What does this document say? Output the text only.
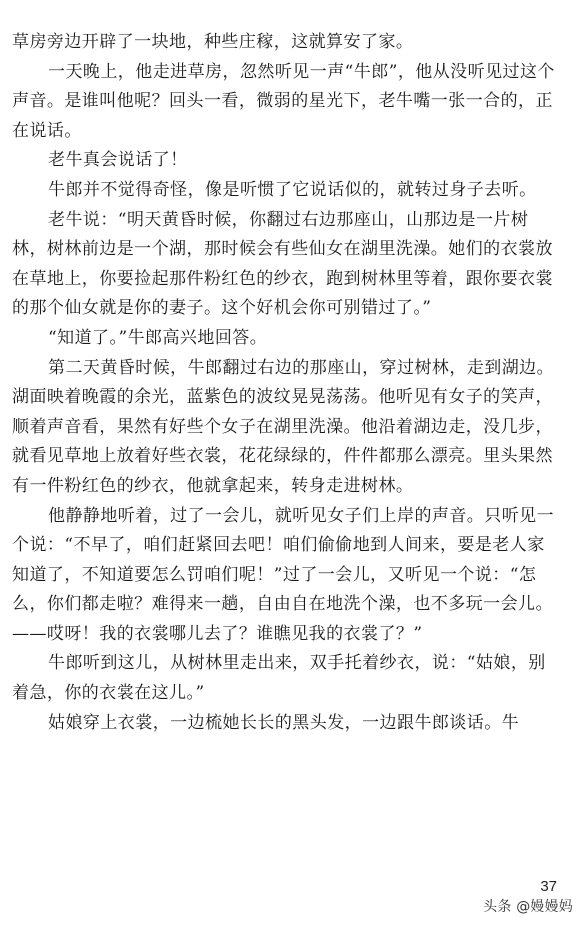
草房旁边开辟了一块地，种些庄稼，这就算安了家。

一天晚上，他走进草房，忽然听见一声“牛郎”，他从没听见过这个声音。是谁叫他呢？回头一看，微弱的星光下，老牛嘴一张一合的，正在说话。

老牛真会说话了！

牛郎并不觉得奇怪，像是听惯了它说话似的，就转过身子去听。

老牛说：“明天黄昏时候，你翻过右边那座山，山那边是一片树林，树林前边是一个湖，那时候会有些仙女在湖里洗澡。她们的衣裳放在草地上，你要捡起那件粉红色的纱衣，跑到树林里等着，跟你要衣裳的那个仙女就是你的妻子。这个好机会你可别错过了。”

“知道了。”牛郎高兴地回答。

第二天黄昏时候，牛郎翻过右边的那座山，穿过树林，走到湖边。湖面映着晚霞的余光，蓝紫色的波纹晃晃荡荡。他听见有女子的笑声，顺着声音看，果然有好些个女子在湖里洗澡。他沿着湖边走，没几步，就看见草地上放着好些衣裳，花花绿绿的，件件都那么漂亮。里头果然有一件粉红色的纱衣，他就拿起来，转身走进树林。

他静静地听着，过了一会儿，就听见女子们上岸的声音。只听见一个说：“不早了，咱们赶紧回去吧！咱们偷偷地到人间来，要是老人家知道了，不知道要怎么罚咱们呢！”过了一会儿，又听见一个说：“怎么，你们都走啦？难得来一趟，自由自在地洗个澡，也不多玩一会儿。——哎呀！我的衣裳哪儿去了？谁瞧见我的衣裳了？”

牛郎听到这儿，从树林里走出来，双手托着纱衣，说：“姑娘，别着急，你的衣裳在这儿。”

姑娘穿上衣裳，一边梳她长长的黑头发，一边跟牛郎谈话。牛

37
头条 @嫚嫚妈
